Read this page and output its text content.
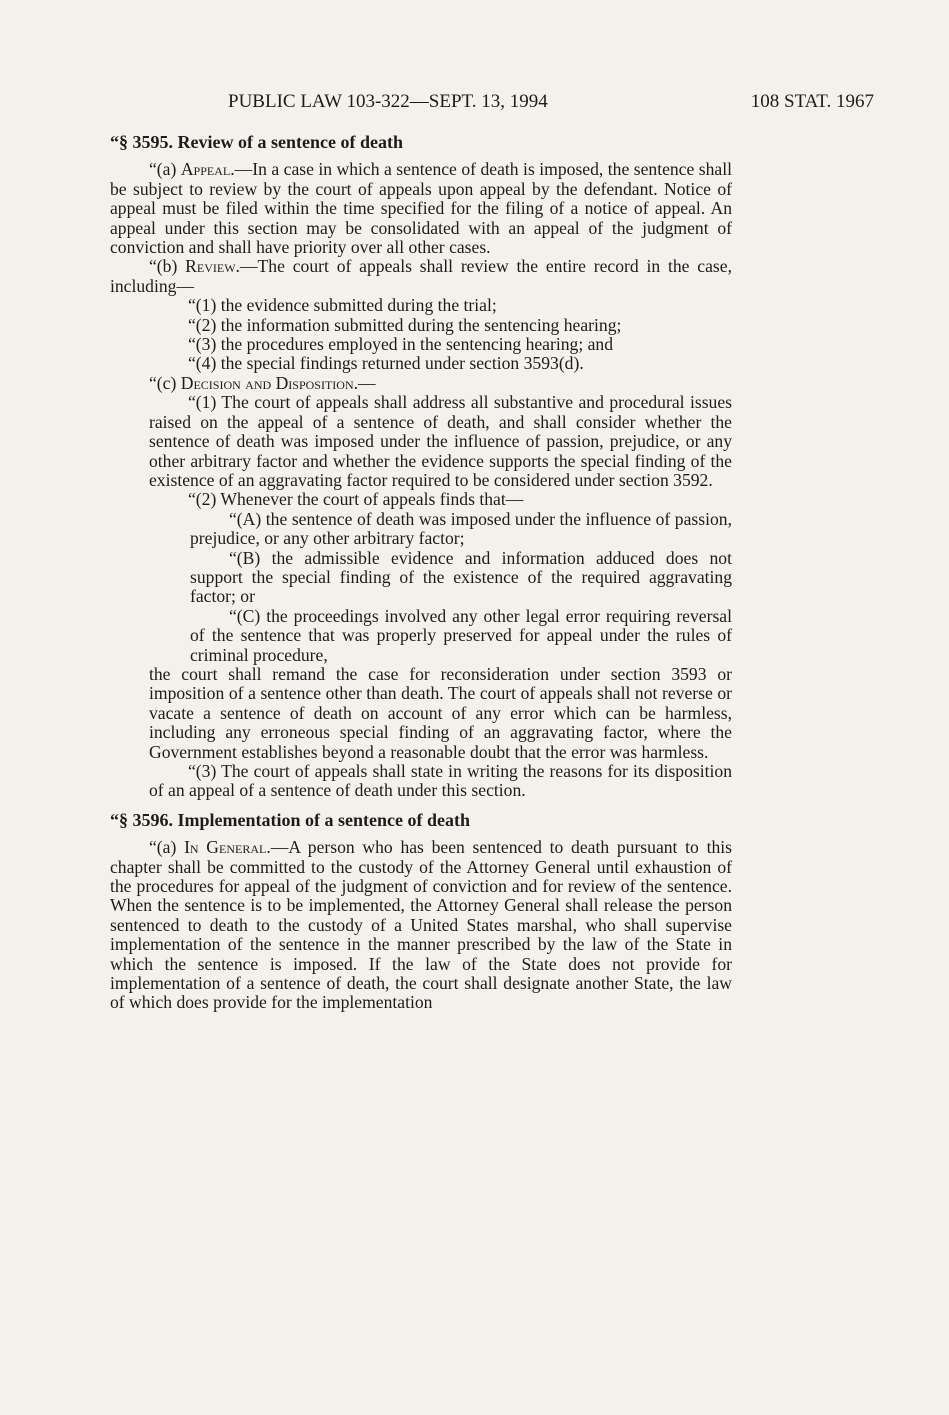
PUBLIC LAW 103-322—SEPT. 13, 1994	108 STAT. 1967
“§ 3595. Review of a sentence of death

“(a) Appeal.—In a case in which a sentence of death is imposed, the sentence shall be subject to review by the court of appeals upon appeal by the defendant. Notice of appeal must be filed within the time specified for the filing of a notice of appeal. An appeal under this section may be consolidated with an appeal of the judgment of conviction and shall have priority over all other cases.

“(b) Review.—The court of appeals shall review the entire record in the case, including—

“(1) the evidence submitted during the trial;

“(2) the information submitted during the sentencing hearing;

“(3) the procedures employed in the sentencing hearing; and

“(4) the special findings returned under section 3593(d).

“(c) Decision and Disposition.—

“(1) The court of appeals shall address all substantive and procedural issues raised on the appeal of a sentence of death, and shall consider whether the sentence of death was imposed under the influence of passion, prejudice, or any other arbitrary factor and whether the evidence supports the special finding of the existence of an aggravating factor required to be considered under section 3592.

“(2) Whenever the court of appeals finds that—

“(A) the sentence of death was imposed under the influence of passion, prejudice, or any other arbitrary factor;

“(B) the admissible evidence and information adduced does not support the special finding of the existence of the required aggravating factor; or

“(C) the proceedings involved any other legal error requiring reversal of the sentence that was properly preserved for appeal under the rules of criminal procedure,

the court shall remand the case for reconsideration under section 3593 or imposition of a sentence other than death. The court of appeals shall not reverse or vacate a sentence of death on account of any error which can be harmless, including any erroneous special finding of an aggravating factor, where the Government establishes beyond a reasonable doubt that the error was harmless.

“(3) The court of appeals shall state in writing the reasons for its disposition of an appeal of a sentence of death under this section.

“§ 3596. Implementation of a sentence of death

“(a) In General.—A person who has been sentenced to death pursuant to this chapter shall be committed to the custody of the Attorney General until exhaustion of the procedures for appeal of the judgment of conviction and for review of the sentence. When the sentence is to be implemented, the Attorney General shall release the person sentenced to death to the custody of a United States marshal, who shall supervise implementation of the sentence in the manner prescribed by the law of the State in which the sentence is imposed. If the law of the State does not provide for implementation of a sentence of death, the court shall designate another State, the law of which does provide for the implementation
